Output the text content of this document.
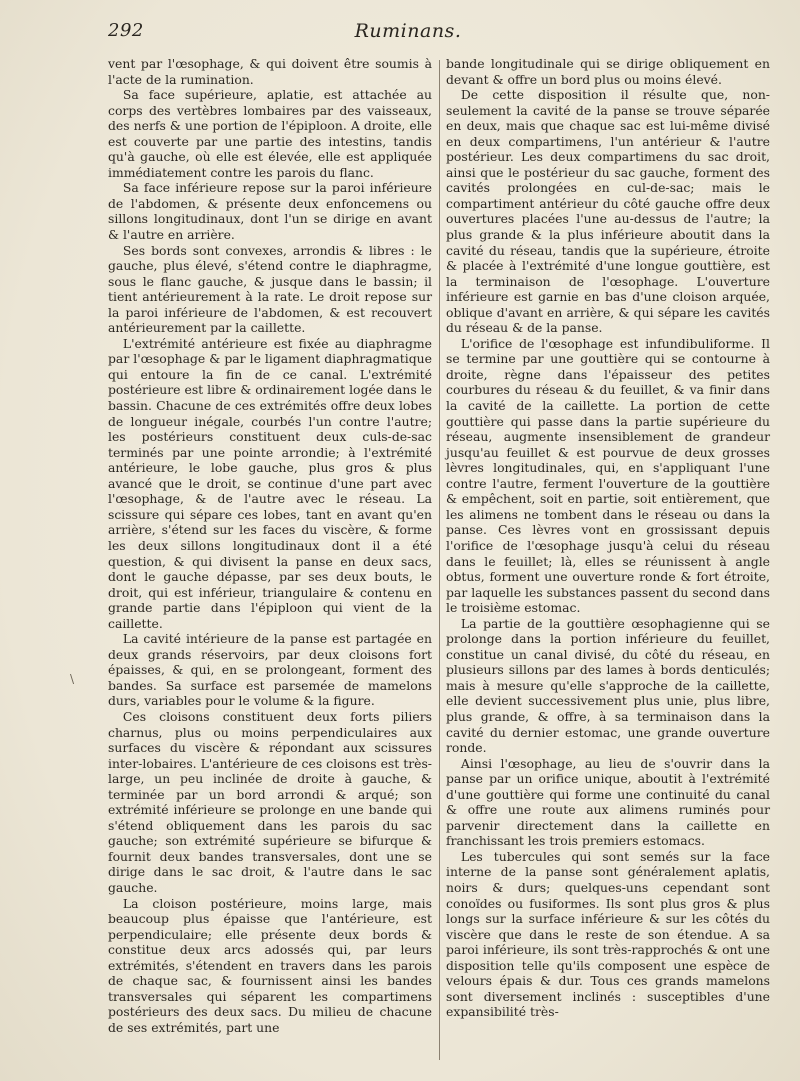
292	Ruminans.

vent par l'œsophage, & qui doivent être soumis à l'acte de la rumination.

Sa face supérieure, aplatie, est attachée au corps des vertèbres lombaires par des vaisseaux, des nerfs & une portion de l'épiploon. A droite, elle est couverte par une partie des intestins, tandis qu'à gauche, où elle est élevée, elle est appliquée immédiatement contre les parois du flanc.

Sa face inférieure repose sur la paroi inférieure de l'abdomen, & présente deux enfoncemens ou sillons longitudinaux, dont l'un se dirige en avant & l'autre en arrière.

Ses bords sont convexes, arrondis & libres : le gauche, plus élevé, s'étend contre le diaphragme, sous le flanc gauche, & jusque dans le bassin; il tient antérieurement à la rate. Le droit repose sur la paroi inférieure de l'abdomen, & est recouvert antérieurement par la caillette.

L'extrémité antérieure est fixée au diaphragme par l'œsophage & par le ligament diaphragmatique qui entoure la fin de ce canal. L'extrémité postérieure est libre & ordinairement logée dans le bassin. Chacune de ces extrémités offre deux lobes de longueur inégale, courbés l'un contre l'autre; les postérieurs constituent deux culs-de-sac terminés par une pointe arrondie; à l'extrémité antérieure, le lobe gauche, plus gros & plus avancé que le droit, se continue d'une part avec l'œsophage, & de l'autre avec le réseau. La scissure qui sépare ces lobes, tant en avant qu'en arrière, s'étend sur les faces du viscère, & forme les deux sillons longitudinaux dont il a été question, & qui divisent la panse en deux sacs, dont le gauche dépasse, par ses deux bouts, le droit, qui est inférieur, triangulaire & contenu en grande partie dans l'épiploon qui vient de la caillette.

La cavité intérieure de la panse est partagée en deux grands réservoirs, par deux cloisons fort épaisses, & qui, en se prolongeant, forment des bandes. Sa surface est parsemée de mamelons durs, variables pour le volume & la figure.

Ces cloisons constituent deux forts piliers charnus, plus ou moins perpendiculaires aux surfaces du viscère & répondant aux scissures inter-lobaires. L'antérieure de ces cloisons est très-large, un peu inclinée de droite à gauche, & terminée par un bord arrondi & arqué; son extrémité inférieure se prolonge en une bande qui s'étend obliquement dans les parois du sac gauche; son extrémité supérieure se bifurque & fournit deux bandes transversales, dont une se dirige dans le sac droit, & l'autre dans le sac gauche.

La cloison postérieure, moins large, mais beaucoup plus épaisse que l'antérieure, est perpendiculaire; elle présente deux bords & constitue deux arcs adossés qui, par leurs extrémités, s'étendent en travers dans les parois de chaque sac, & fournissent ainsi les bandes transversales qui séparent les compartimens postérieurs des deux sacs. Du milieu de chacune de ses extrémités, part une

bande longitudinale qui se dirige obliquement en devant & offre un bord plus ou moins élevé.

De cette disposition il résulte que, non-seulement la cavité de la panse se trouve séparée en deux, mais que chaque sac est lui-même divisé en deux compartimens, l'un antérieur & l'autre postérieur. Les deux compartimens du sac droit, ainsi que le postérieur du sac gauche, forment des cavités prolongées en cul-de-sac; mais le compartiment antérieur du côté gauche offre deux ouvertures placées l'une au-dessus de l'autre; la plus grande & la plus inférieure aboutit dans la cavité du réseau, tandis que la supérieure, étroite & placée à l'extrémité d'une longue gouttière, est la terminaison de l'œsophage. L'ouverture inférieure est garnie en bas d'une cloison arquée, oblique d'avant en arrière, & qui sépare les cavités du réseau & de la panse.

L'orifice de l'œsophage est infundibuliforme. Il se termine par une gouttière qui se contourne à droite, règne dans l'épaisseur des petites courbures du réseau & du feuillet, & va finir dans la cavité de la caillette. La portion de cette gouttière qui passe dans la partie supérieure du réseau, augmente insensiblement de grandeur jusqu'au feuillet & est pourvue de deux grosses lèvres longitudinales, qui, en s'appliquant l'une contre l'autre, ferment l'ouverture de la gouttière & empêchent, soit en partie, soit entièrement, que les alimens ne tombent dans le réseau ou dans la panse. Ces lèvres vont en grossissant depuis l'orifice de l'œsophage jusqu'à celui du réseau dans le feuillet; là, elles se réunissent à angle obtus, forment une ouverture ronde & fort étroite, par laquelle les substances passent du second dans le troisième estomac.

La partie de la gouttière œsophagienne qui se prolonge dans la portion inférieure du feuillet, constitue un canal divisé, du côté du réseau, en plusieurs sillons par des lames à bords denticulés; mais à mesure qu'elle s'approche de la caillette, elle devient successivement plus unie, plus libre, plus grande, & offre, à sa terminaison dans la cavité du dernier estomac, une grande ouverture ronde.

Ainsi l'œsophage, au lieu de s'ouvrir dans la panse par un orifice unique, aboutit à l'extrémité d'une gouttière qui forme une continuité du canal & offre une route aux alimens ruminés pour parvenir directement dans la caillette en franchissant les trois premiers estomacs.

Les tubercules qui sont semés sur la face interne de la panse sont généralement aplatis, noirs & durs; quelques-uns cependant sont conoïdes ou fusiformes. Ils sont plus gros & plus longs sur la surface inférieure & sur les côtés du viscère que dans le reste de son étendue. A sa paroi inférieure, ils sont très-rapprochés & ont une disposition telle qu'ils composent une espèce de velours épais & dur. Tous ces grands mamelons sont diversement inclinés : susceptibles d'une expansibilité très-

\
